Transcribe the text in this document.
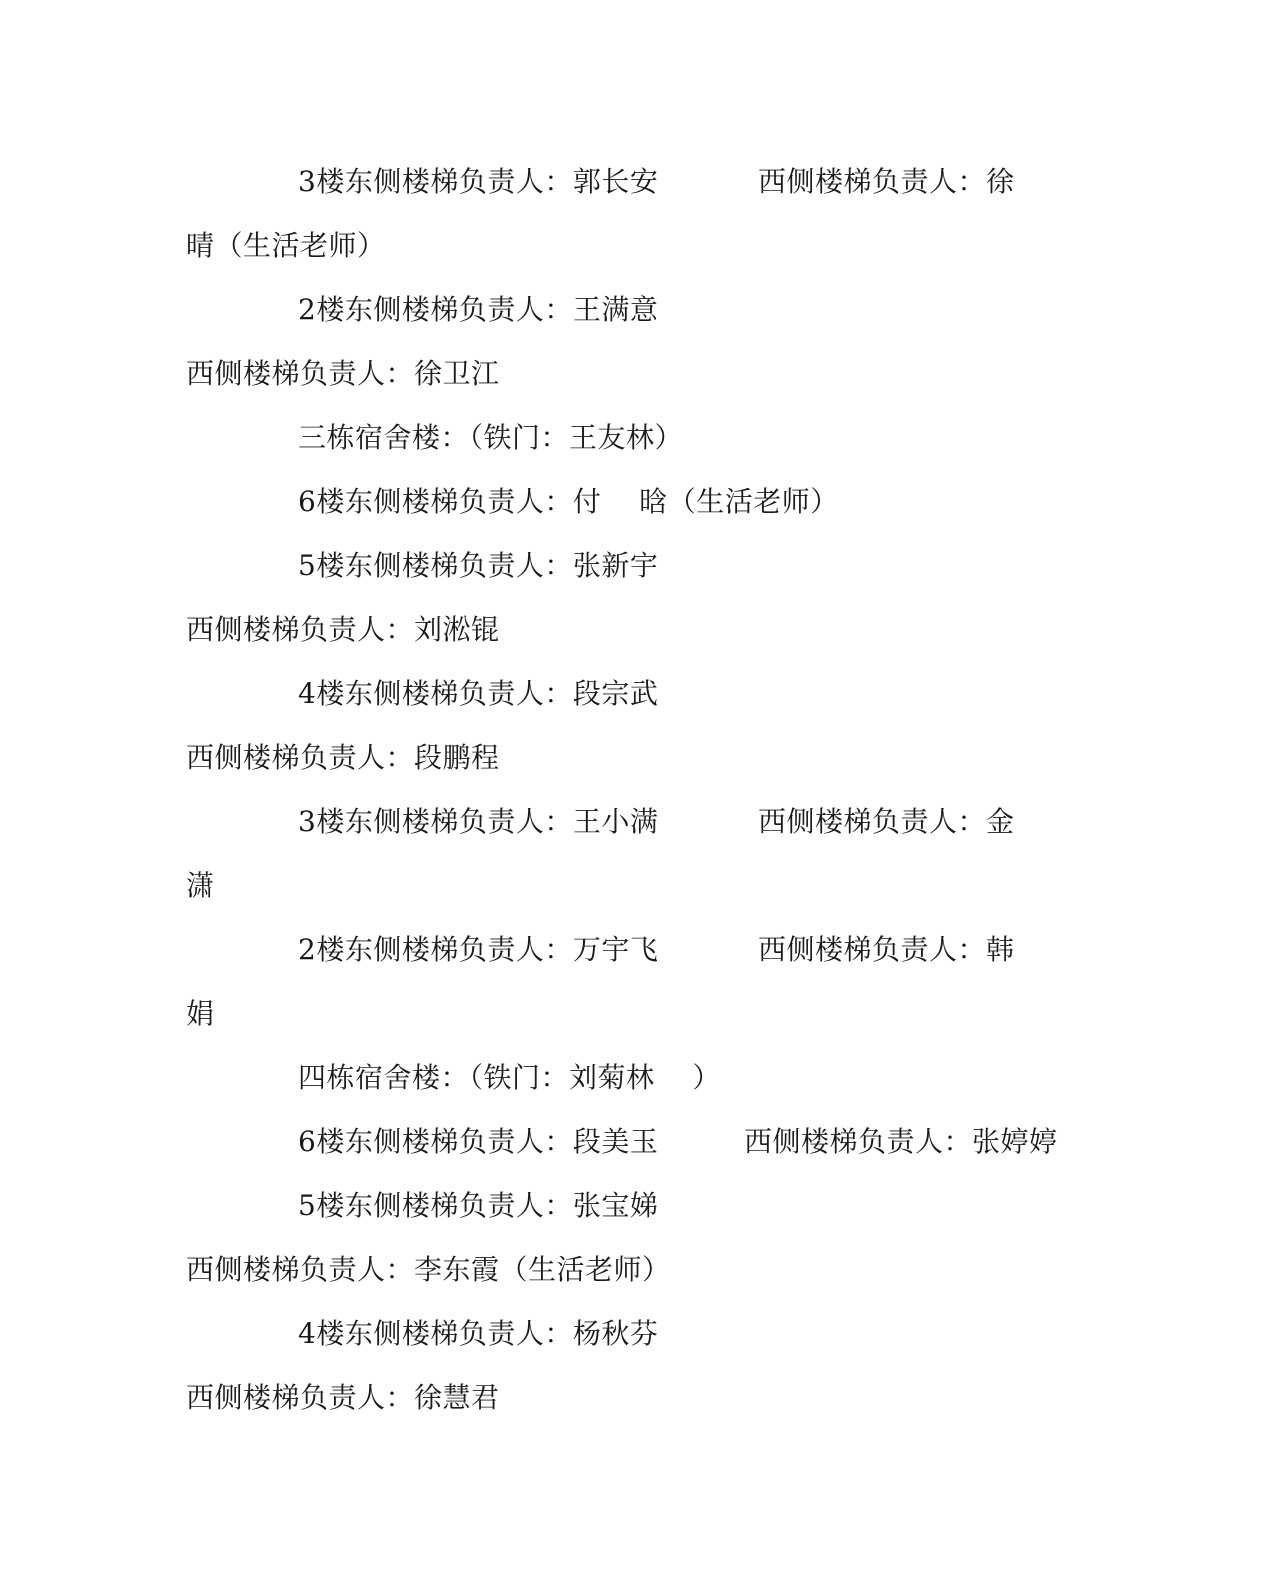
3楼东侧楼梯负责人：郭长安	西侧楼梯负责人：徐
晴（生活老师）
2楼东侧楼梯负责人：王满意
西侧楼梯负责人：徐卫江
三栋宿舍楼：（铁门：王友林）
6楼东侧楼梯负责人：付　 晗（生活老师）
5楼东侧楼梯负责人：张新宇
西侧楼梯负责人：刘淞锟
4楼东侧楼梯负责人：段宗武
西侧楼梯负责人：段鹏程
3楼东侧楼梯负责人：王小满	西侧楼梯负责人：金
潇
2楼东侧楼梯负责人：万宇飞	西侧楼梯负责人：韩
娟
四栋宿舍楼：（铁门：刘菊林　 ）
6楼东侧楼梯负责人：段美玉	西侧楼梯负责人：张婷婷
5楼东侧楼梯负责人：张宝娣
西侧楼梯负责人：李东霞（生活老师）
4楼东侧楼梯负责人：杨秋芬
西侧楼梯负责人：徐慧君
